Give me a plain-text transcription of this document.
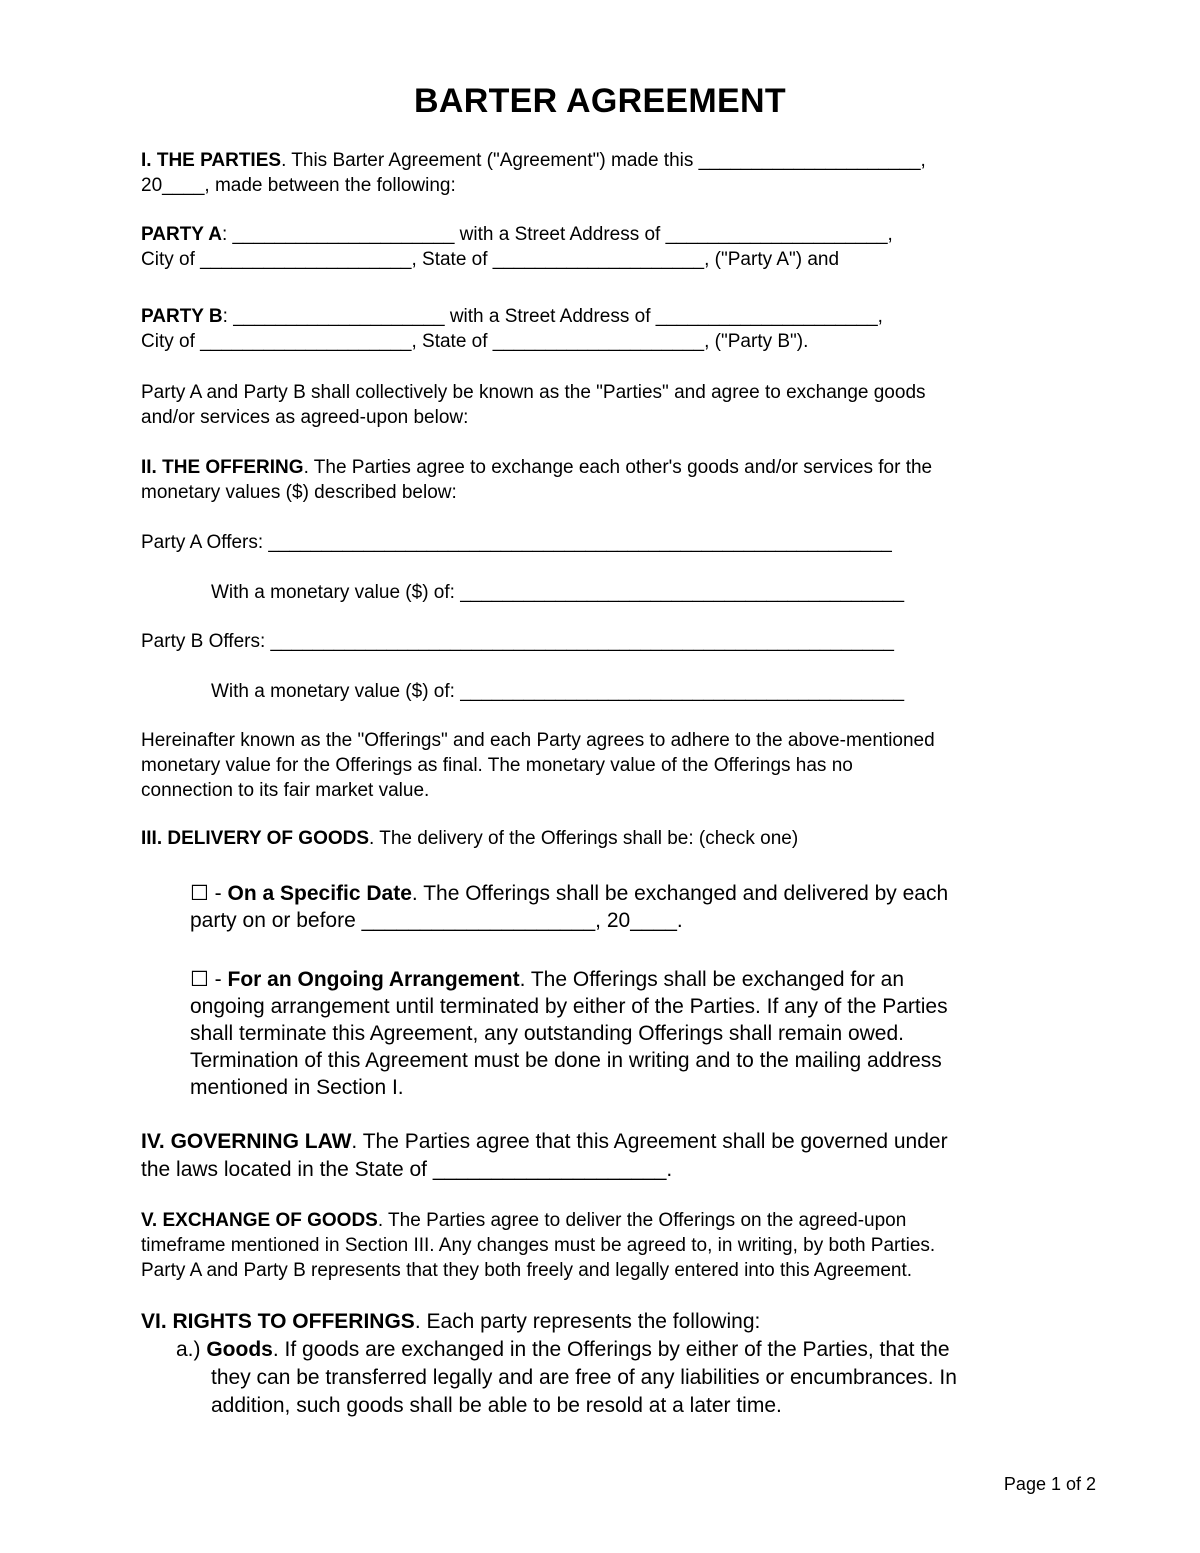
BARTER AGREEMENT

I. THE PARTIES. This Barter Agreement ("Agreement") made this _____________________,

20____, made between the following:

PARTY A: _____________________ with a Street Address of _____________________,

City of ____________________, State of ____________________, ("Party A") and

PARTY B: ____________________ with a Street Address of _____________________,

City of ____________________, State of ____________________, ("Party B").

Party A and Party B shall collectively be known as the "Parties" and agree to exchange goods

and/or services as agreed-upon below:

II. THE OFFERING. The Parties agree to exchange each other's goods and/or services for the

monetary values ($) described below:

Party A Offers: ___________________________________________________________
With a monetary value ($) of: __________________________________________
Party B Offers: ___________________________________________________________
With a monetary value ($) of: __________________________________________

Hereinafter known as the "Offerings" and each Party agrees to adhere to the above-mentioned

monetary value for the Offerings as final. The monetary value of the Offerings has no

connection to its fair market value.

III. DELIVERY OF GOODS. The delivery of the Offerings shall be: (check one)

☐ - On a Specific Date. The Offerings shall be exchanged and delivered by each

party on or before ____________________, 20____.

☐ - For an Ongoing Arrangement. The Offerings shall be exchanged for an

ongoing arrangement until terminated by either of the Parties. If any of the Parties

shall terminate this Agreement, any outstanding Offerings shall remain owed.

Termination of this Agreement must be done in writing and to the mailing address

mentioned in Section I.

IV. GOVERNING LAW. The Parties agree that this Agreement shall be governed under

the laws located in the State of ____________________.

V. EXCHANGE OF GOODS. The Parties agree to deliver the Offerings on the agreed-upon

timeframe mentioned in Section III. Any changes must be agreed to, in writing, by both Parties.

Party A and Party B represents that they both freely and legally entered into this Agreement.

VI. RIGHTS TO OFFERINGS. Each party represents the following:

a.) Goods. If goods are exchanged in the Offerings by either of the Parties, that the

they can be transferred legally and are free of any liabilities or encumbrances. In

addition, such goods shall be able to be resold at a later time.

Page 1 of 2
